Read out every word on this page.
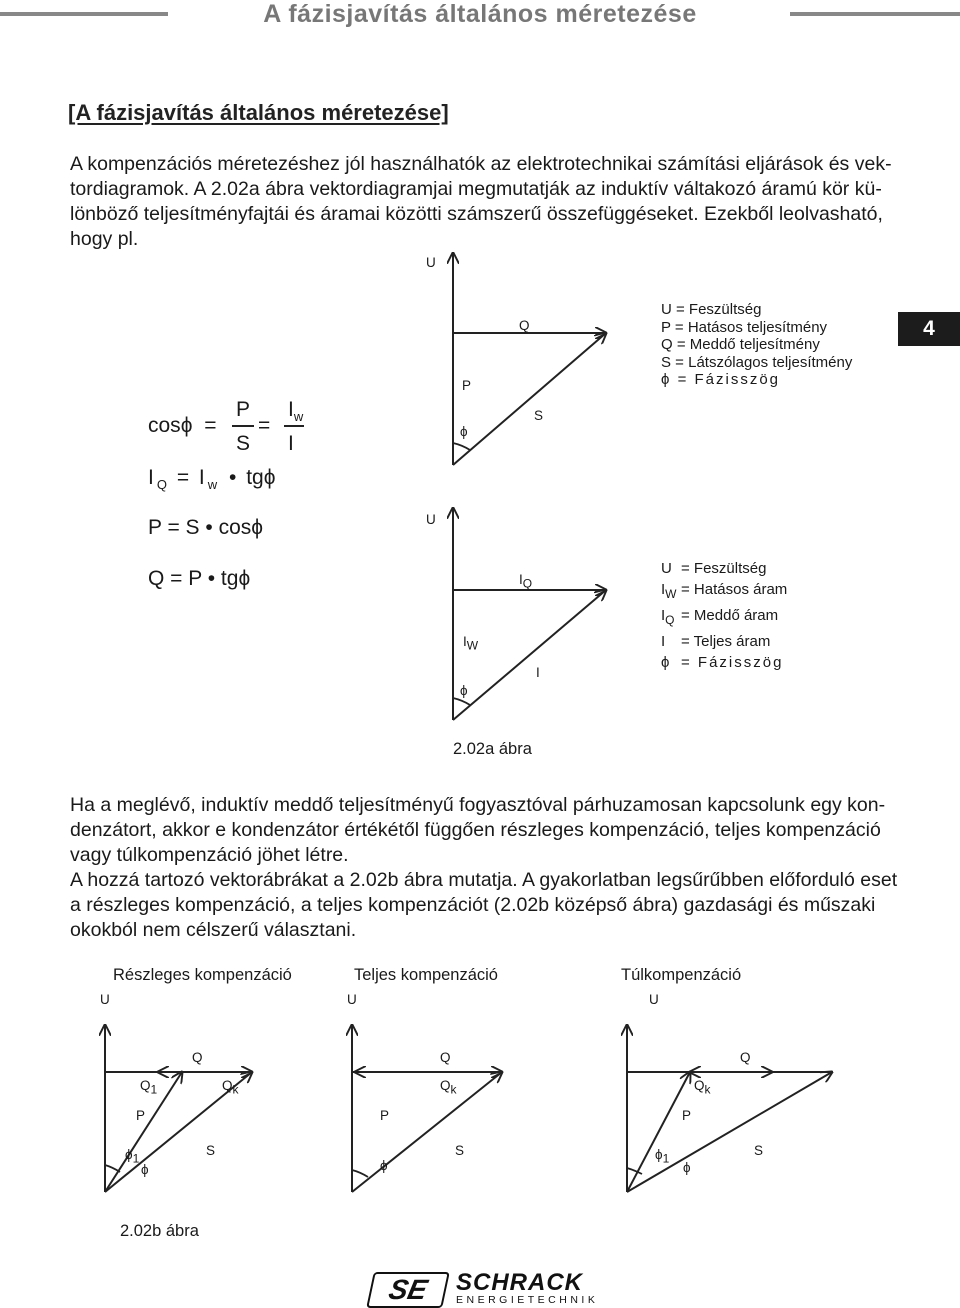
A fázisjavítás általános méretezése
[A fázisjavítás általános méretezése]
A kompenzációs méretezéshez jól használhatók az elektrotechnikai számítási eljárások és vek-
tordiagramok. A 2.02a ábra vektordiagramjai megmutatják az induktív váltakozó áramú kör kü-
lönböző teljesítményfajtái és áramai közötti számszerű összefüggéseket. Ezekből leolvasható,
hogy pl.
4
cosϕ =
P
S
=
$I_w$
I
I $_Q$ = I $_w$ • tgϕ
P = S • cosϕ
Q = P • tgϕ
U
Q
P
S
ϕ
U = Feszültség
P = Hatásos teljesítmény
Q = Meddő teljesítmény
S = Látszólagos teljesítmény
ϕ = Fázisszög
U
$I_Q$
$I_W$
I
ϕ
U = Feszültség
$I_W$ = Hatásos áram
$I_Q$ = Meddő áram
I = Teljes áram
ϕ = Fázisszög
2.02a ábra
Ha a meglévő, induktív meddő teljesítményű fogyasztóval párhuzamosan kapcsolunk egy kon-
denzátort, akkor e kondenzátor értékétől függően részleges kompenzáció, teljes kompenzáció
vagy túlkompenzáció jöhet létre.
A hozzá tartozó vektorábrákat a 2.02b ábra mutatja. A gyakorlatban legsűrűbben előforduló eset
a részleges kompenzáció, a teljes kompenzációt (2.02b középső ábra) gazdasági és műszaki
okokból nem célszerű választani.
Részleges kompenzáció	Teljes kompenzáció	Túlkompenzáció
U
Q
$Q_1$	$Q_k$
P
S
$\phi_1$
ϕ
U
Q
$Q_k$
P
S
ϕ
U
Q
$Q_k$
P
S
$\phi_1$
ϕ
2.02b ábra
SE	SCHRACK
ENERGIETECHNIK
